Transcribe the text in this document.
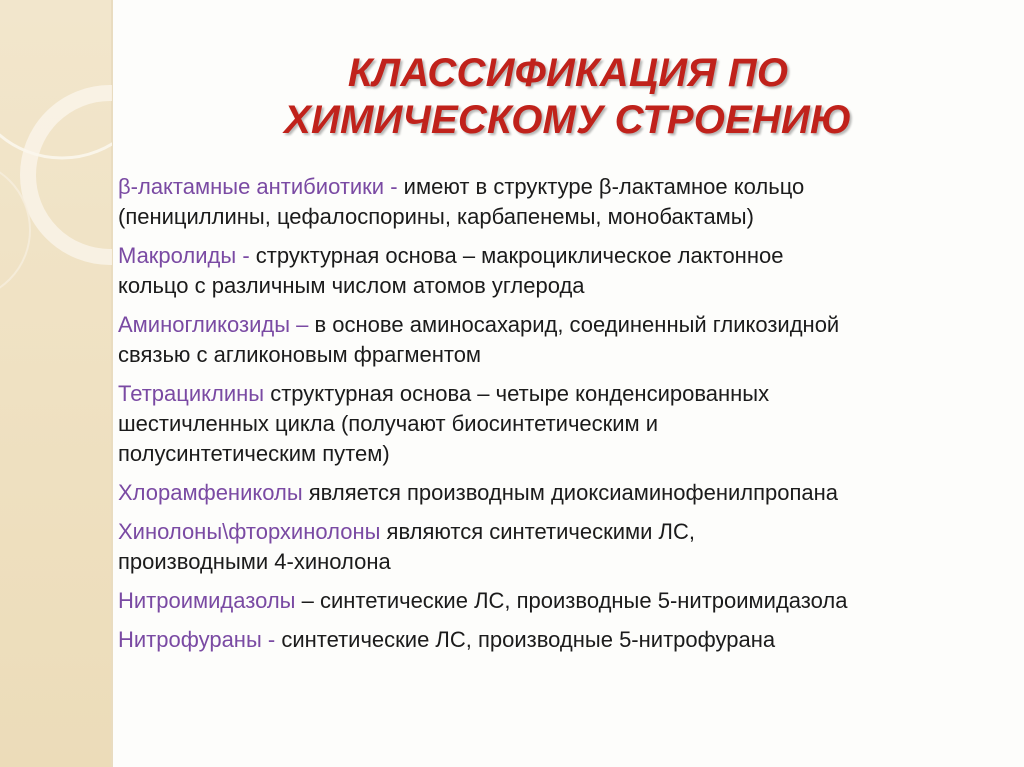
КЛАССИФИКАЦИЯ ПО
ХИМИЧЕСКОМУ СТРОЕНИЮ
β-лактамные антибиотики - имеют в структуре β-лактамное кольцо
(пенициллины, цефалоспорины, карбапенемы, монобактамы)
Макролиды - структурная основа – макроциклическое лактонное
кольцо с различным числом атомов углерода
Аминогликозиды – в основе аминосахарид, соединенный гликозидной
связью с агликоновым фрагментом
Тетрациклины структурная основа – четыре конденсированных
шестичленных цикла (получают биосинтетическим и
полусинтетическим путем)
Хлорамфениколы является производным диоксиаминофенилпропана
Хинолоны\фторхинолоны являются синтетическими ЛС,
производными 4-хинолона
Нитроимидазолы – синтетические ЛС, производные 5-нитроимидазола
Нитрофураны - синтетические ЛС, производные 5-нитрофурана
